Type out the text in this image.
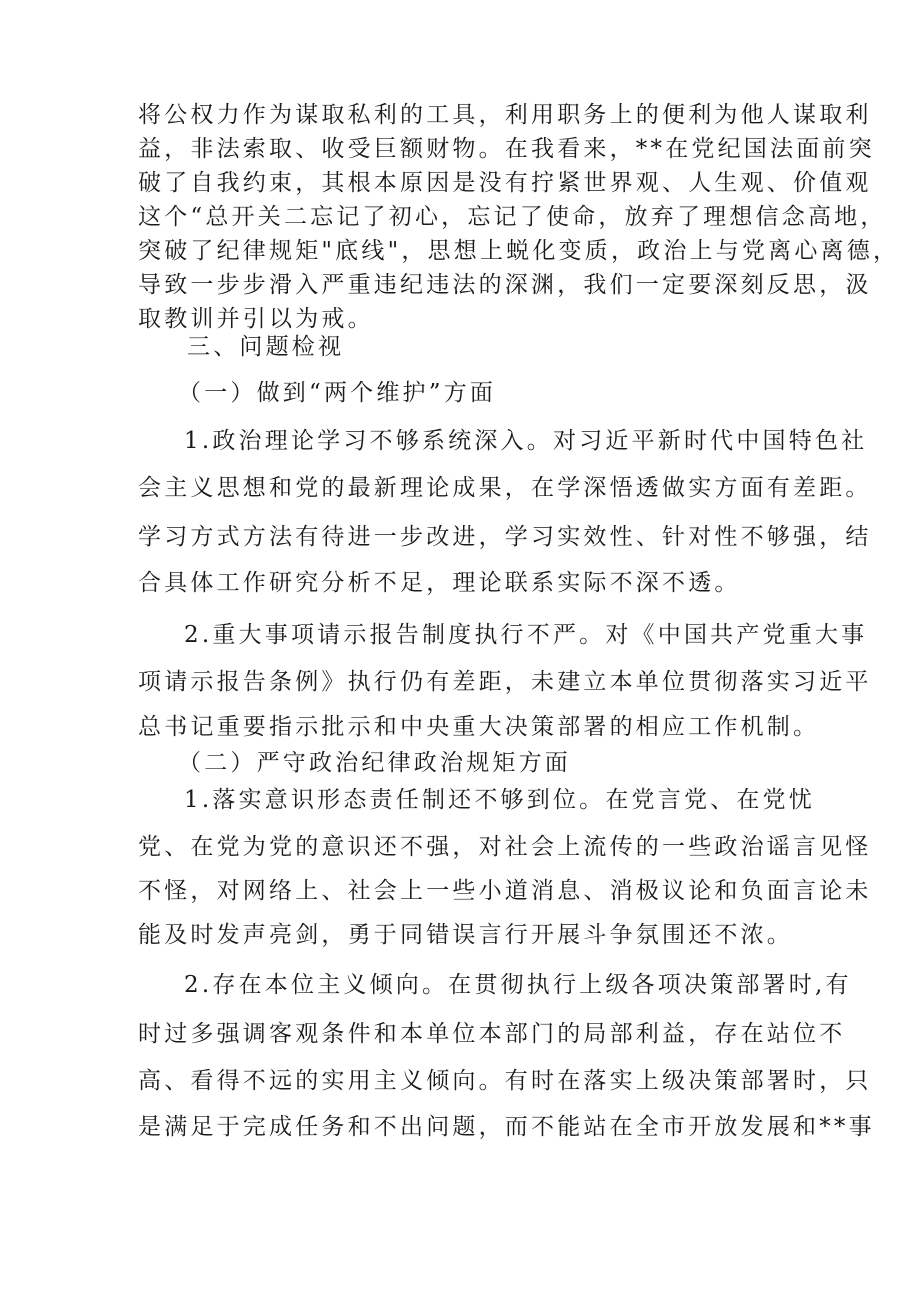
将公权力作为谋取私利的工具，利用职务上的便利为他人谋取利
益，非法索取、收受巨额财物。在我看来，**在党纪国法面前突
破了自我约束，其根本原因是没有拧紧世界观、人生观、价值观
这个“总开关二忘记了初心，忘记了使命，放弃了理想信念高地，
突破了纪律规矩"底线"，思想上蜕化变质，政治上与党离心离德，
导致一步步滑入严重违纪违法的深渊，我们一定要深刻反思，汲
取教训并引以为戒。
三、问题检视
（一）做到“两个维护”方面
1.政治理论学习不够系统深入。对习近平新时代中国特色社
会主义思想和党的最新理论成果，在学深悟透做实方面有差距。
学习方式方法有待进一步改进，学习实效性、针对性不够强，结
合具体工作研究分析不足，理论联系实际不深不透。
2.重大事项请示报告制度执行不严。对《中国共产党重大事
项请示报告条例》执行仍有差距，未建立本单位贯彻落实习近平
总书记重要指示批示和中央重大决策部署的相应工作机制。
（二）严守政治纪律政治规矩方面
1.落实意识形态责任制还不够到位。在党言党、在党忧
党、在党为党的意识还不强，对社会上流传的一些政治谣言见怪
不怪，对网络上、社会上一些小道消息、消极议论和负面言论未
能及时发声亮剑，勇于同错误言行开展斗争氛围还不浓。
2.存在本位主义倾向。在贯彻执行上级各项决策部署时,有
时过多强调客观条件和本单位本部门的局部利益，存在站位不
高、看得不远的实用主义倾向。有时在落实上级决策部署时，只
是满足于完成任务和不出问题，而不能站在全市开放发展和**事
